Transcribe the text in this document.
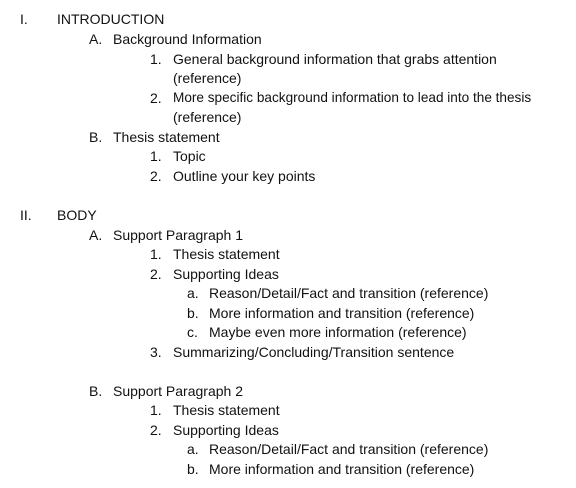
I. INTRODUCTION
A. Background Information
1. General background information that grabs attention
(reference)
2. More specific background information to lead into the thesis
(reference)
B. Thesis statement
1. Topic
2. Outline your key points
II. BODY
A. Support Paragraph 1
1. Thesis statement
2. Supporting Ideas
a. Reason/Detail/Fact and transition (reference)
b. More information and transition (reference)
c. Maybe even more information (reference)
3. Summarizing/Concluding/Transition sentence
B. Support Paragraph 2
1. Thesis statement
2. Supporting Ideas
a. Reason/Detail/Fact and transition (reference)
b. More information and transition (reference)
